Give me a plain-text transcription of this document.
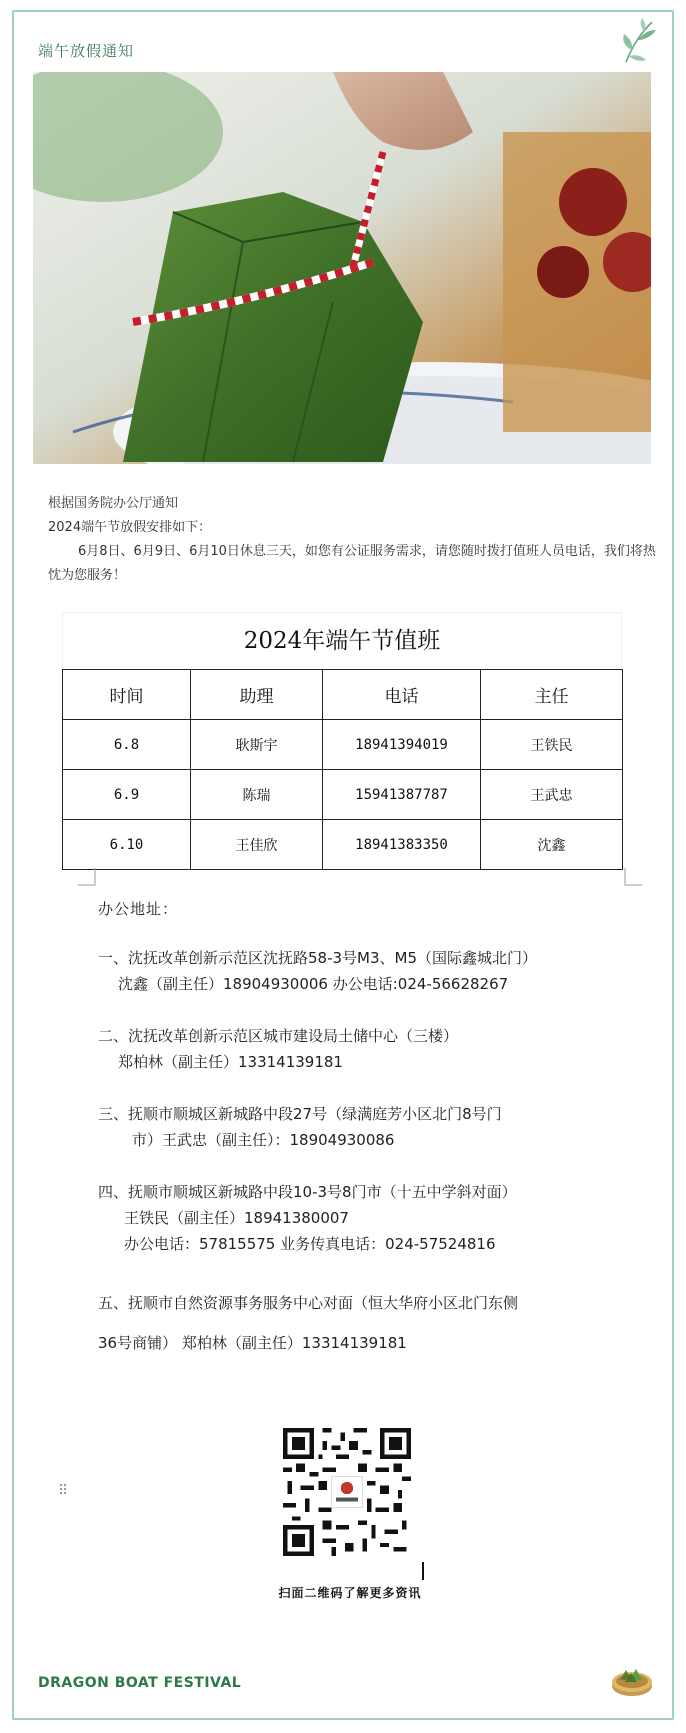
端午放假通知

根据国务院办公厅通知

2024端午节放假安排如下：

6月8日、6月9日、6月10日休息三天，如您有公证服务需求，请您随时拨打值班人员电话，我们将热忱为您服务！

2024年端午节值班
时间	助理	电话	主任
6.8	耿斯宇	18941394019	王铁民
6.9	陈瑞	15941387787	王武忠
6.10	王佳欣	18941383350	沈鑫

办公地址：

一、沈抚改革创新示范区沈抚路58-3号M3、M5（国际鑫城北门）
沈鑫（副主任）18904930006 办公电话:024-56628267
二、沈抚改革创新示范区城市建设局土储中心（三楼）
郑柏林（副主任）13314139181
三、抚顺市顺城区新城路中段27号（绿满庭芳小区北门8号门
市）王武忠（副主任）：18904930086
四、抚顺市顺城区新城路中段10-3号8门市（十五中学斜对面）
王铁民（副主任）18941380007
办公电话：57815575 业务传真电话：024-57524816
五、抚顺市自然资源事务服务中心对面（恒大华府小区北门东侧
36号商铺） 郑柏林（副主任）13314139181
⠿
扫面二维码了解更多资讯
DRAGON BOAT FESTIVAL
